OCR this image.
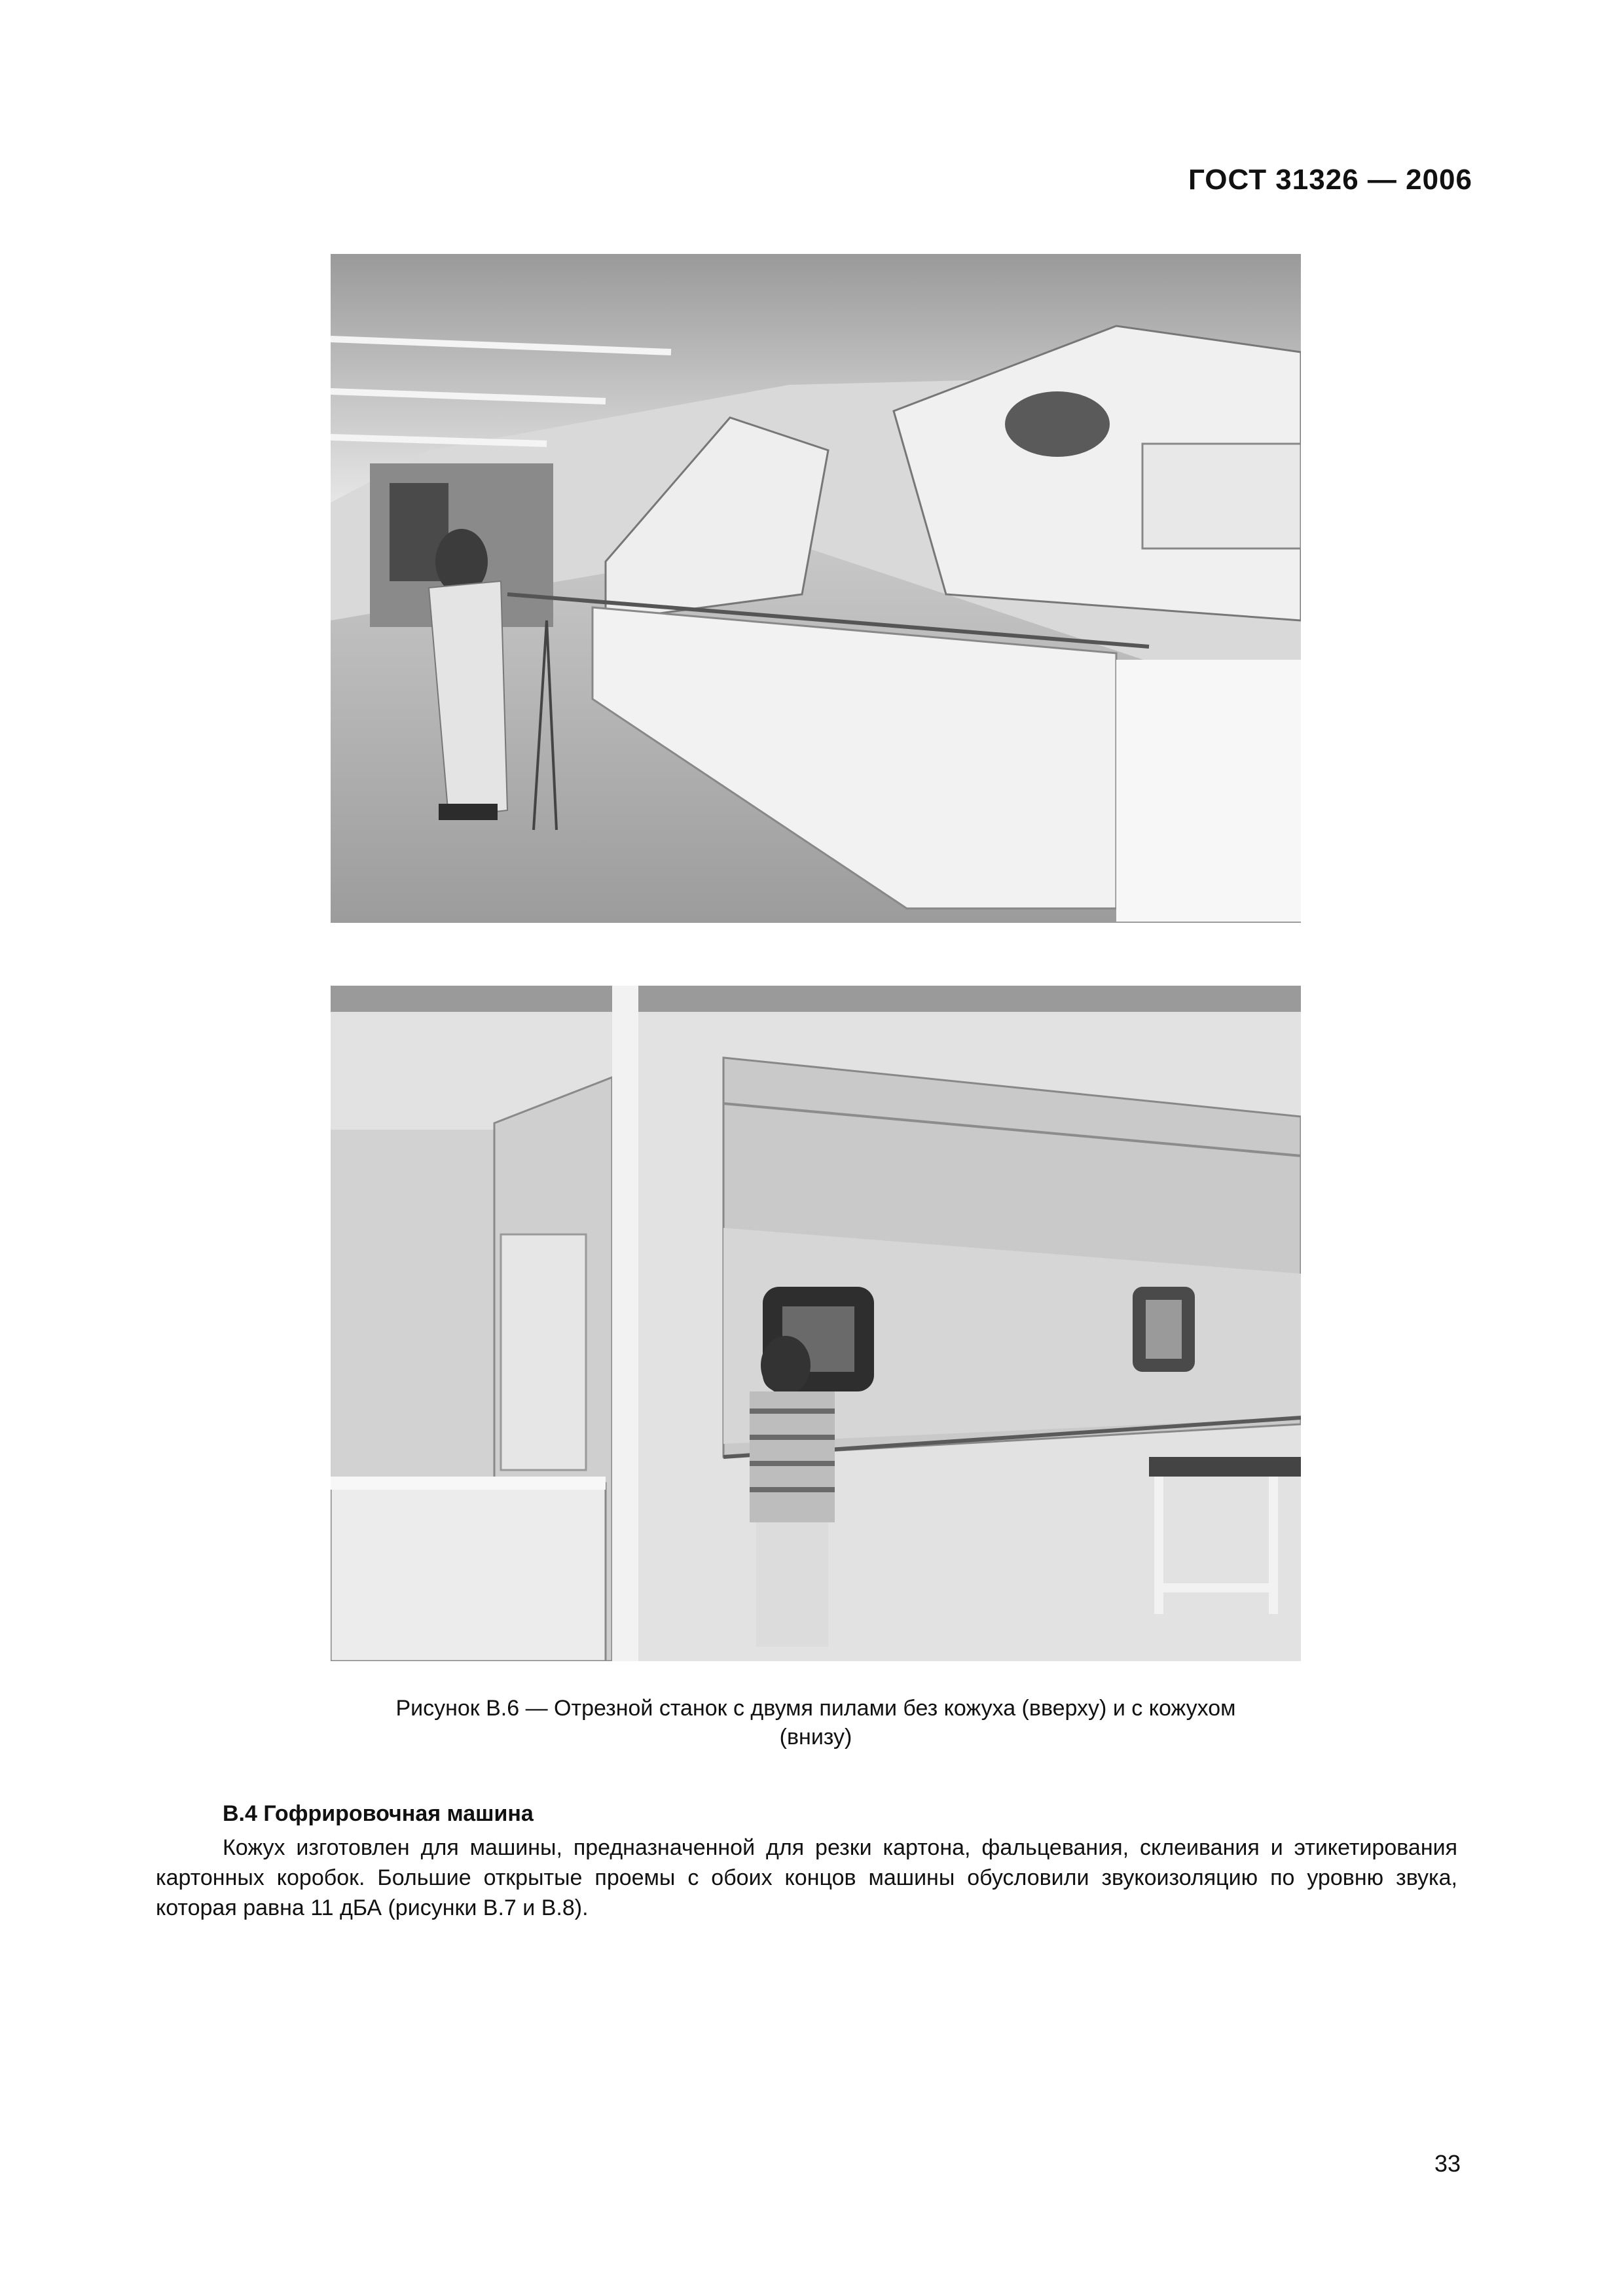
ГОСТ 31326 — 2006
Рисунок В.6 — Отрезной станок с двумя пилами без кожуха (вверху) и с кожухом
(внизу)
В.4 Гофрировочная машина
Кожух изготовлен для машины, предназначенной для резки картона, фальцевания, склеивания и этикетирования картонных коробок. Большие открытые проемы с обоих концов машины обусловили звукоизоляцию по уровню звука, которая равна 11 дБА (рисунки В.7 и В.8).
33
